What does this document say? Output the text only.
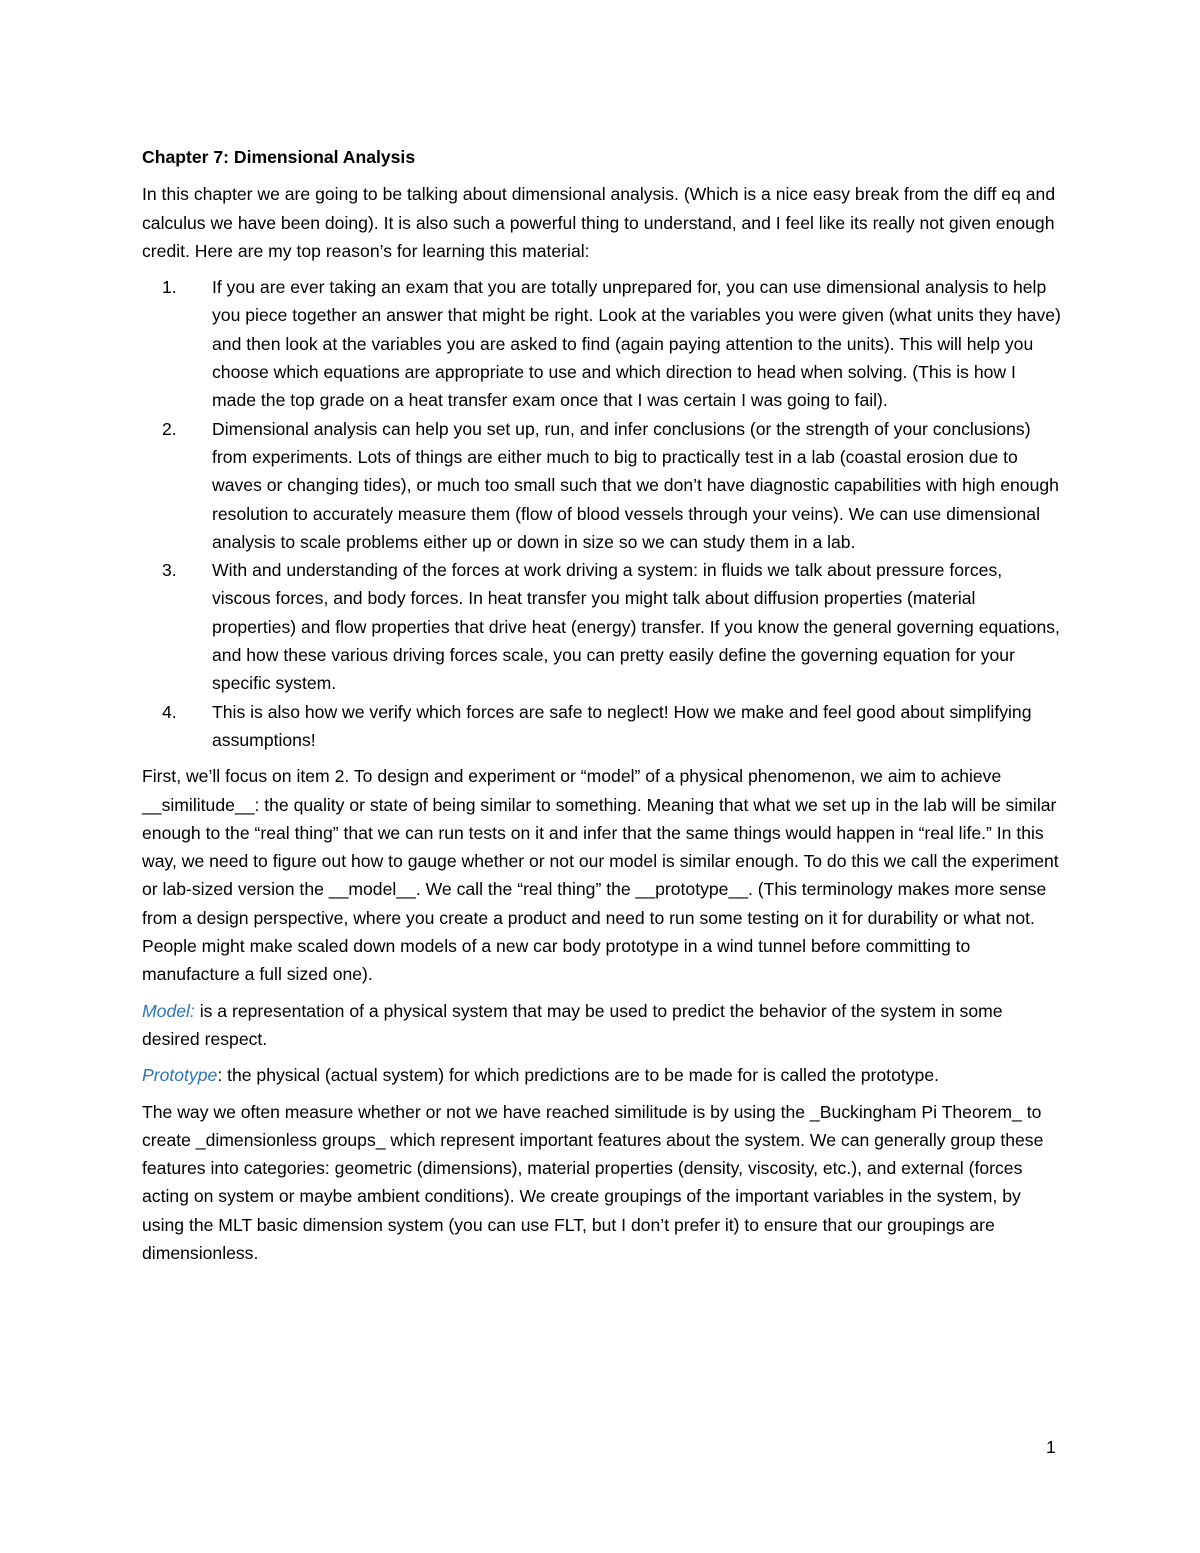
Chapter 7: Dimensional Analysis

In this chapter we are going to be talking about dimensional analysis. (Which is a nice easy break from the diff eq and calculus we have been doing). It is also such a powerful thing to understand, and I feel like its really not given enough credit. Here are my top reason’s for learning this material:

1. If you are ever taking an exam that you are totally unprepared for, you can use dimensional analysis to help you piece together an answer that might be right. Look at the variables you were given (what units they have) and then look at the variables you are asked to find (again paying attention to the units). This will help you choose which equations are appropriate to use and which direction to head when solving. (This is how I made the top grade on a heat transfer exam once that I was certain I was going to fail).
2. Dimensional analysis can help you set up, run, and infer conclusions (or the strength of your conclusions) from experiments. Lots of things are either much to big to practically test in a lab (coastal erosion due to waves or changing tides), or much too small such that we don’t have diagnostic capabilities with high enough resolution to accurately measure them (flow of blood vessels through your veins). We can use dimensional analysis to scale problems either up or down in size so we can study them in a lab.
3. With and understanding of the forces at work driving a system: in fluids we talk about pressure forces, viscous forces, and body forces. In heat transfer you might talk about diffusion properties (material properties) and flow properties that drive heat (energy) transfer. If you know the general governing equations, and how these various driving forces scale, you can pretty easily define the governing equation for your specific system.
4. This is also how we verify which forces are safe to neglect! How we make and feel good about simplifying assumptions!

First, we’ll focus on item 2. To design and experiment or “model” of a physical phenomenon, we aim to achieve __similitude__: the quality or state of being similar to something. Meaning that what we set up in the lab will be similar enough to the “real thing” that we can run tests on it and infer that the same things would happen in “real life.” In this way, we need to figure out how to gauge whether or not our model is similar enough. To do this we call the experiment or lab-sized version the __model__. We call the “real thing” the __prototype__. (This terminology makes more sense from a design perspective, where you create a product and need to run some testing on it for durability or what not. People might make scaled down models of a new car body prototype in a wind tunnel before committing to manufacture a full sized one).

Model: is a representation of a physical system that may be used to predict the behavior of the system in some desired respect.

Prototype: the physical (actual system) for which predictions are to be made for is called the prototype.

The way we often measure whether or not we have reached similitude is by using the _Buckingham Pi Theorem_ to create _dimensionless groups_ which represent important features about the system. We can generally group these features into categories: geometric (dimensions), material properties (density, viscosity, etc.), and external (forces acting on system or maybe ambient conditions). We create groupings of the important variables in the system, by using the MLT basic dimension system (you can use FLT, but I don’t prefer it) to ensure that our groupings are dimensionless.

1
